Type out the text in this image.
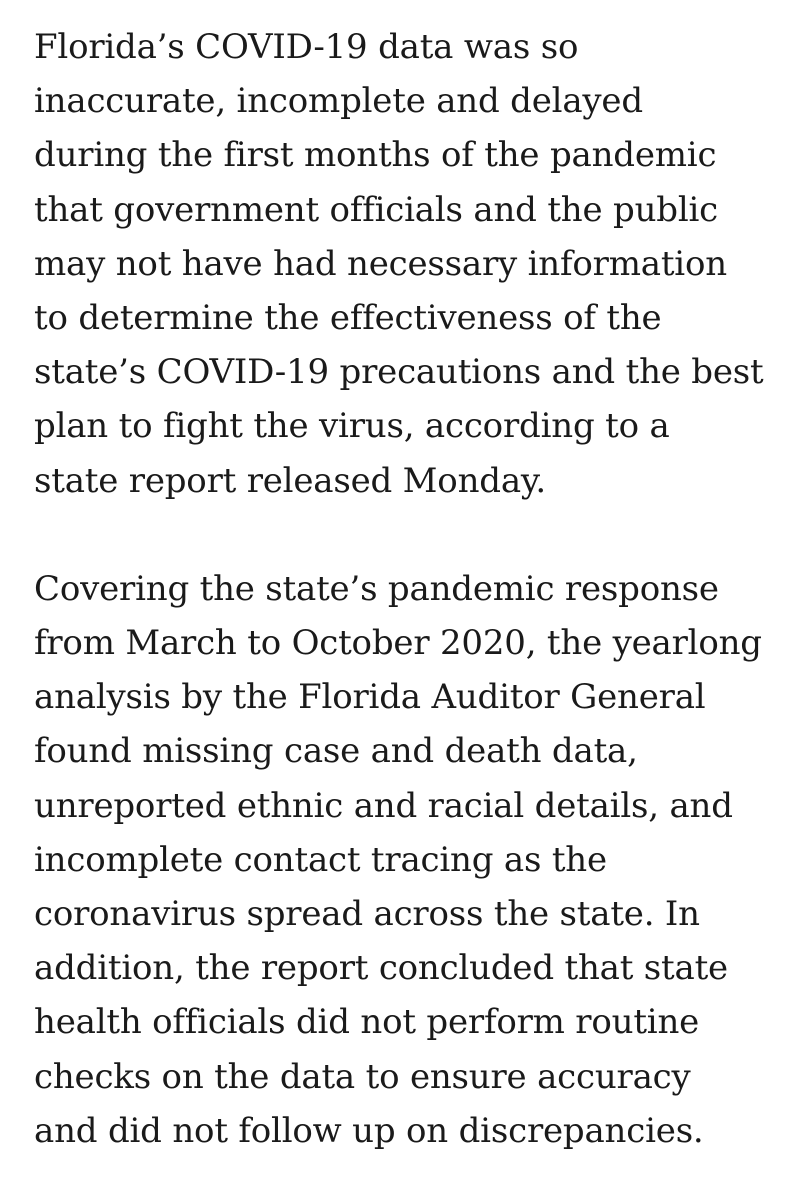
Florida’s COVID-19 data was so
inaccurate, incomplete and delayed
during the first months of the pandemic
that government officials and the public
may not have had necessary information
to determine the effectiveness of the
state’s COVID-19 precautions and the best
plan to fight the virus, according to a
state report released Monday.
Covering the state’s pandemic response
from March to October 2020, the yearlong
analysis by the Florida Auditor General
found missing case and death data,
unreported ethnic and racial details, and
incomplete contact tracing as the
coronavirus spread across the state. In
addition, the report concluded that state
health officials did not perform routine
checks on the data to ensure accuracy
and did not follow up on discrepancies.
